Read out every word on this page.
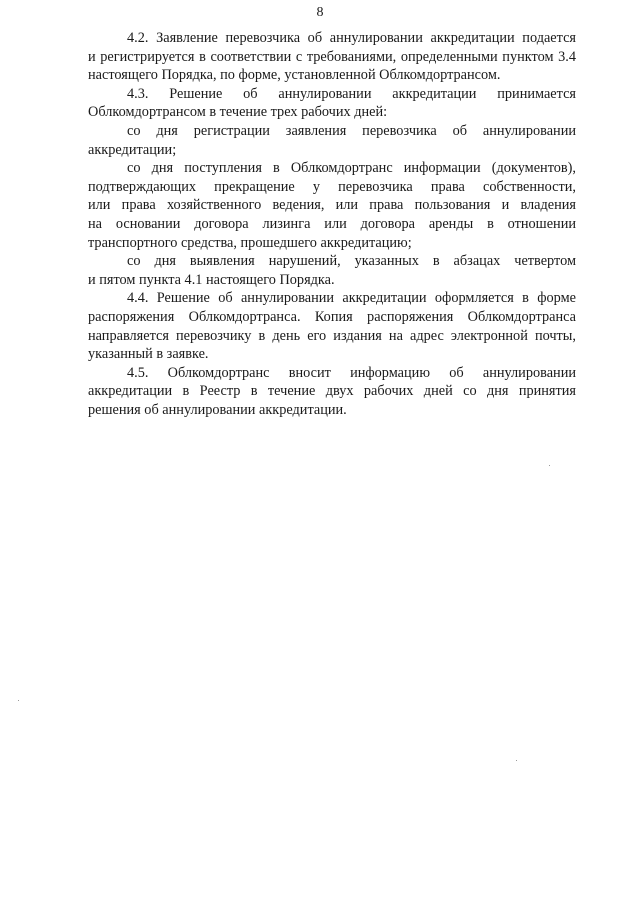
8
4.2. Заявление перевозчика об аннулировании аккредитации подается
и регистрируется в соответствии с требованиями, определенными пунктом 3.4
настоящего Порядка, по форме, установленной Облкомдортрансом.
4.3. Решение об аннулировании аккредитации принимается
Облкомдортрансом в течение трех рабочих дней:
со дня регистрации заявления перевозчика об аннулировании
аккредитации;
со дня поступления в Облкомдортранс информации (документов),
подтверждающих прекращение у перевозчика права собственности,
или права хозяйственного ведения, или права пользования и владения
на основании договора лизинга или договора аренды в отношении
транспортного средства, прошедшего аккредитацию;
со дня выявления нарушений, указанных в абзацах четвертом
и пятом пункта 4.1 настоящего Порядка.
4.4. Решение об аннулировании аккредитации оформляется в форме
распоряжения Облкомдортранса. Копия распоряжения Облкомдортранса
направляется перевозчику в день его издания на адрес электронной почты,
указанный в заявке.
4.5. Облкомдортранс вносит информацию об аннулировании
аккредитации в Реестр в течение двух рабочих дней со дня принятия
решения об аннулировании аккредитации.
